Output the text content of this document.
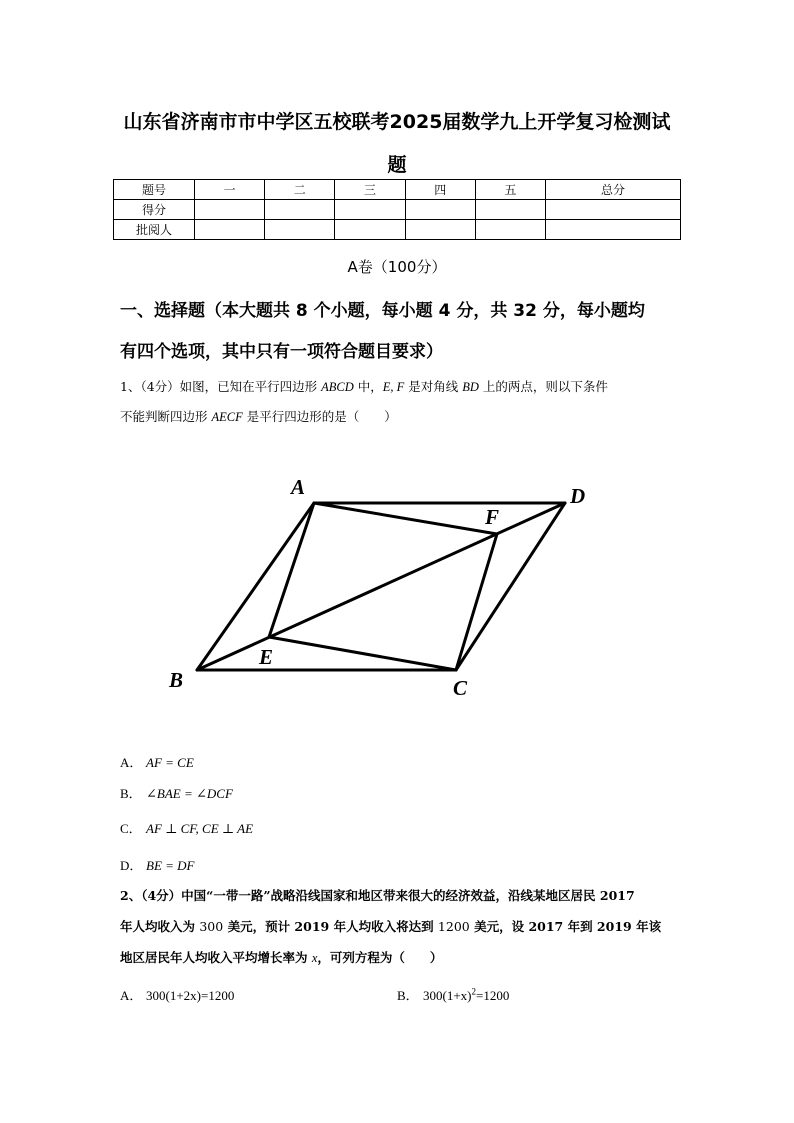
山东省济南市市中学区五校联考2025届数学九上开学复习检测试
题
题号	一	二	三	四	五	总分
得分						
批阅人						
A卷（100分）
一、选择题（本大题共 8 个小题，每小题 4 分，共 32 分，每小题均
有四个选项，其中只有一项符合题目要求）
1、（4分）如图，已知在平行四边形 ABCD 中，E, F 是对角线 BD 上的两点，则以下条件
不能判断四边形 AECF 是平行四边形的是（　　）
A	D
F
E
B	C
A． AF = CE
B． ∠BAE = ∠DCF
C． AF ⊥ CF, CE ⊥ AE
D． BE = DF
2、（4分）中国“一带一路”战略沿线国家和地区带来很大的经济效益，沿线某地区居民 2017
年人均收入为 300 美元，预计 2019 年人均收入将达到 1200 美元，设 2017 年到 2019 年该
地区居民年人均收入平均增长率为 x，可列方程为（　　）
A． 300(1+2x)=1200	B． $300(1+x)^2=1200$
